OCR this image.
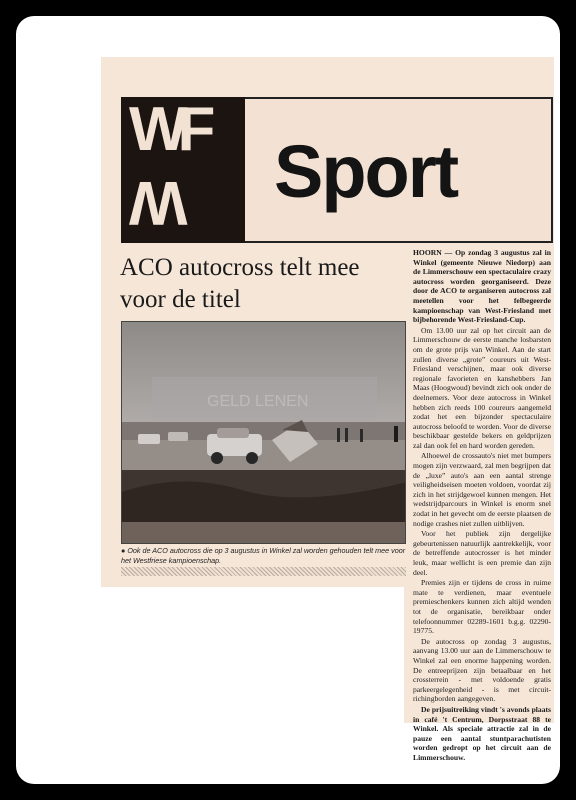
WF
W Sport
ACO autocross telt mee voor de titel
GELD LENEN
● Ook de ACO autocross die op 3 augustus in Winkel zal worden gehouden telt mee voor het Westfriese kampioenschap.

HOORN — Op zondag 3 augustus zal in Winkel (gemeente Nieuwe Niedorp) aan de Limmerschouw een spectaculaire crazy autocross worden georganiseerd. Deze door de ACO te organiseren autocross zal meetellen voor het felbegeerde kampioenschap van West-Friesland met bijbehorende West-Friesland-Cup.

Om 13.00 uur zal op het circuit aan de Limmerschouw de eerste manche losbarsten om de grote prijs van Winkel. Aan de start zullen diverse „grote” coureurs uit West-Friesland verschijnen, maar ook diverse regionale favorieten en kanshebbers Jan Maas (Hoogwoud) bevindt zich ook onder de deelnemers. Voor deze autocross in Winkel hebben zich reeds 100 coureurs aangemeld zodat het een bijzonder spectaculaire autocross beloofd te worden. Voor de diverse beschikbaar gestelde bekers en geldprijzen zal dan ook fel en hard worden gereden.

Alhoewel de crossauto's niet met bumpers mogen zijn verzwaard, zal men begrijpen dat de „luxe” auto's aan een aantal strenge veiligheidseisen moeten voldoen, voordat zij zich in het strijdgewoel kunnen mengen. Het wedstrijdparcours in Winkel is enorm snel zodat in het gevecht om de eerste plaatsen de nodige crashes niet zullen uitblijven.

Voor het publiek zijn dergelijke gebeurtenissen natuurlijk aantrekkelijk, voor de betreffende autocrosser is het minder leuk, maar wellicht is een premie dan zijn deel.

Premies zijn er tijdens de cross in ruime mate te verdienen, maar eventuele premieschenkers kunnen zich altijd wenden tot de organisatie, bereikbaar onder telefoonnummer 02289-1601 b.g.g. 02290-19775.

De autocross op zondag 3 augustus, aanvang 13.00 uur aan de Limmerschouw te Winkel zal een enorme happening worden. De entreeprijzen zijn betaalbaar en het crossterrein - met voldoende gratis parkeergelegenheid - is met circuit-richingborden aangegeven.

De prijsuitreiking vindt 's avonds plaats in café 't Centrum, Dorpsstraat 88 te Winkel. Als speciale attractie zal in de pauze een aantal stuntparachutisten worden gedropt op het circuit aan de Limmerschouw.
